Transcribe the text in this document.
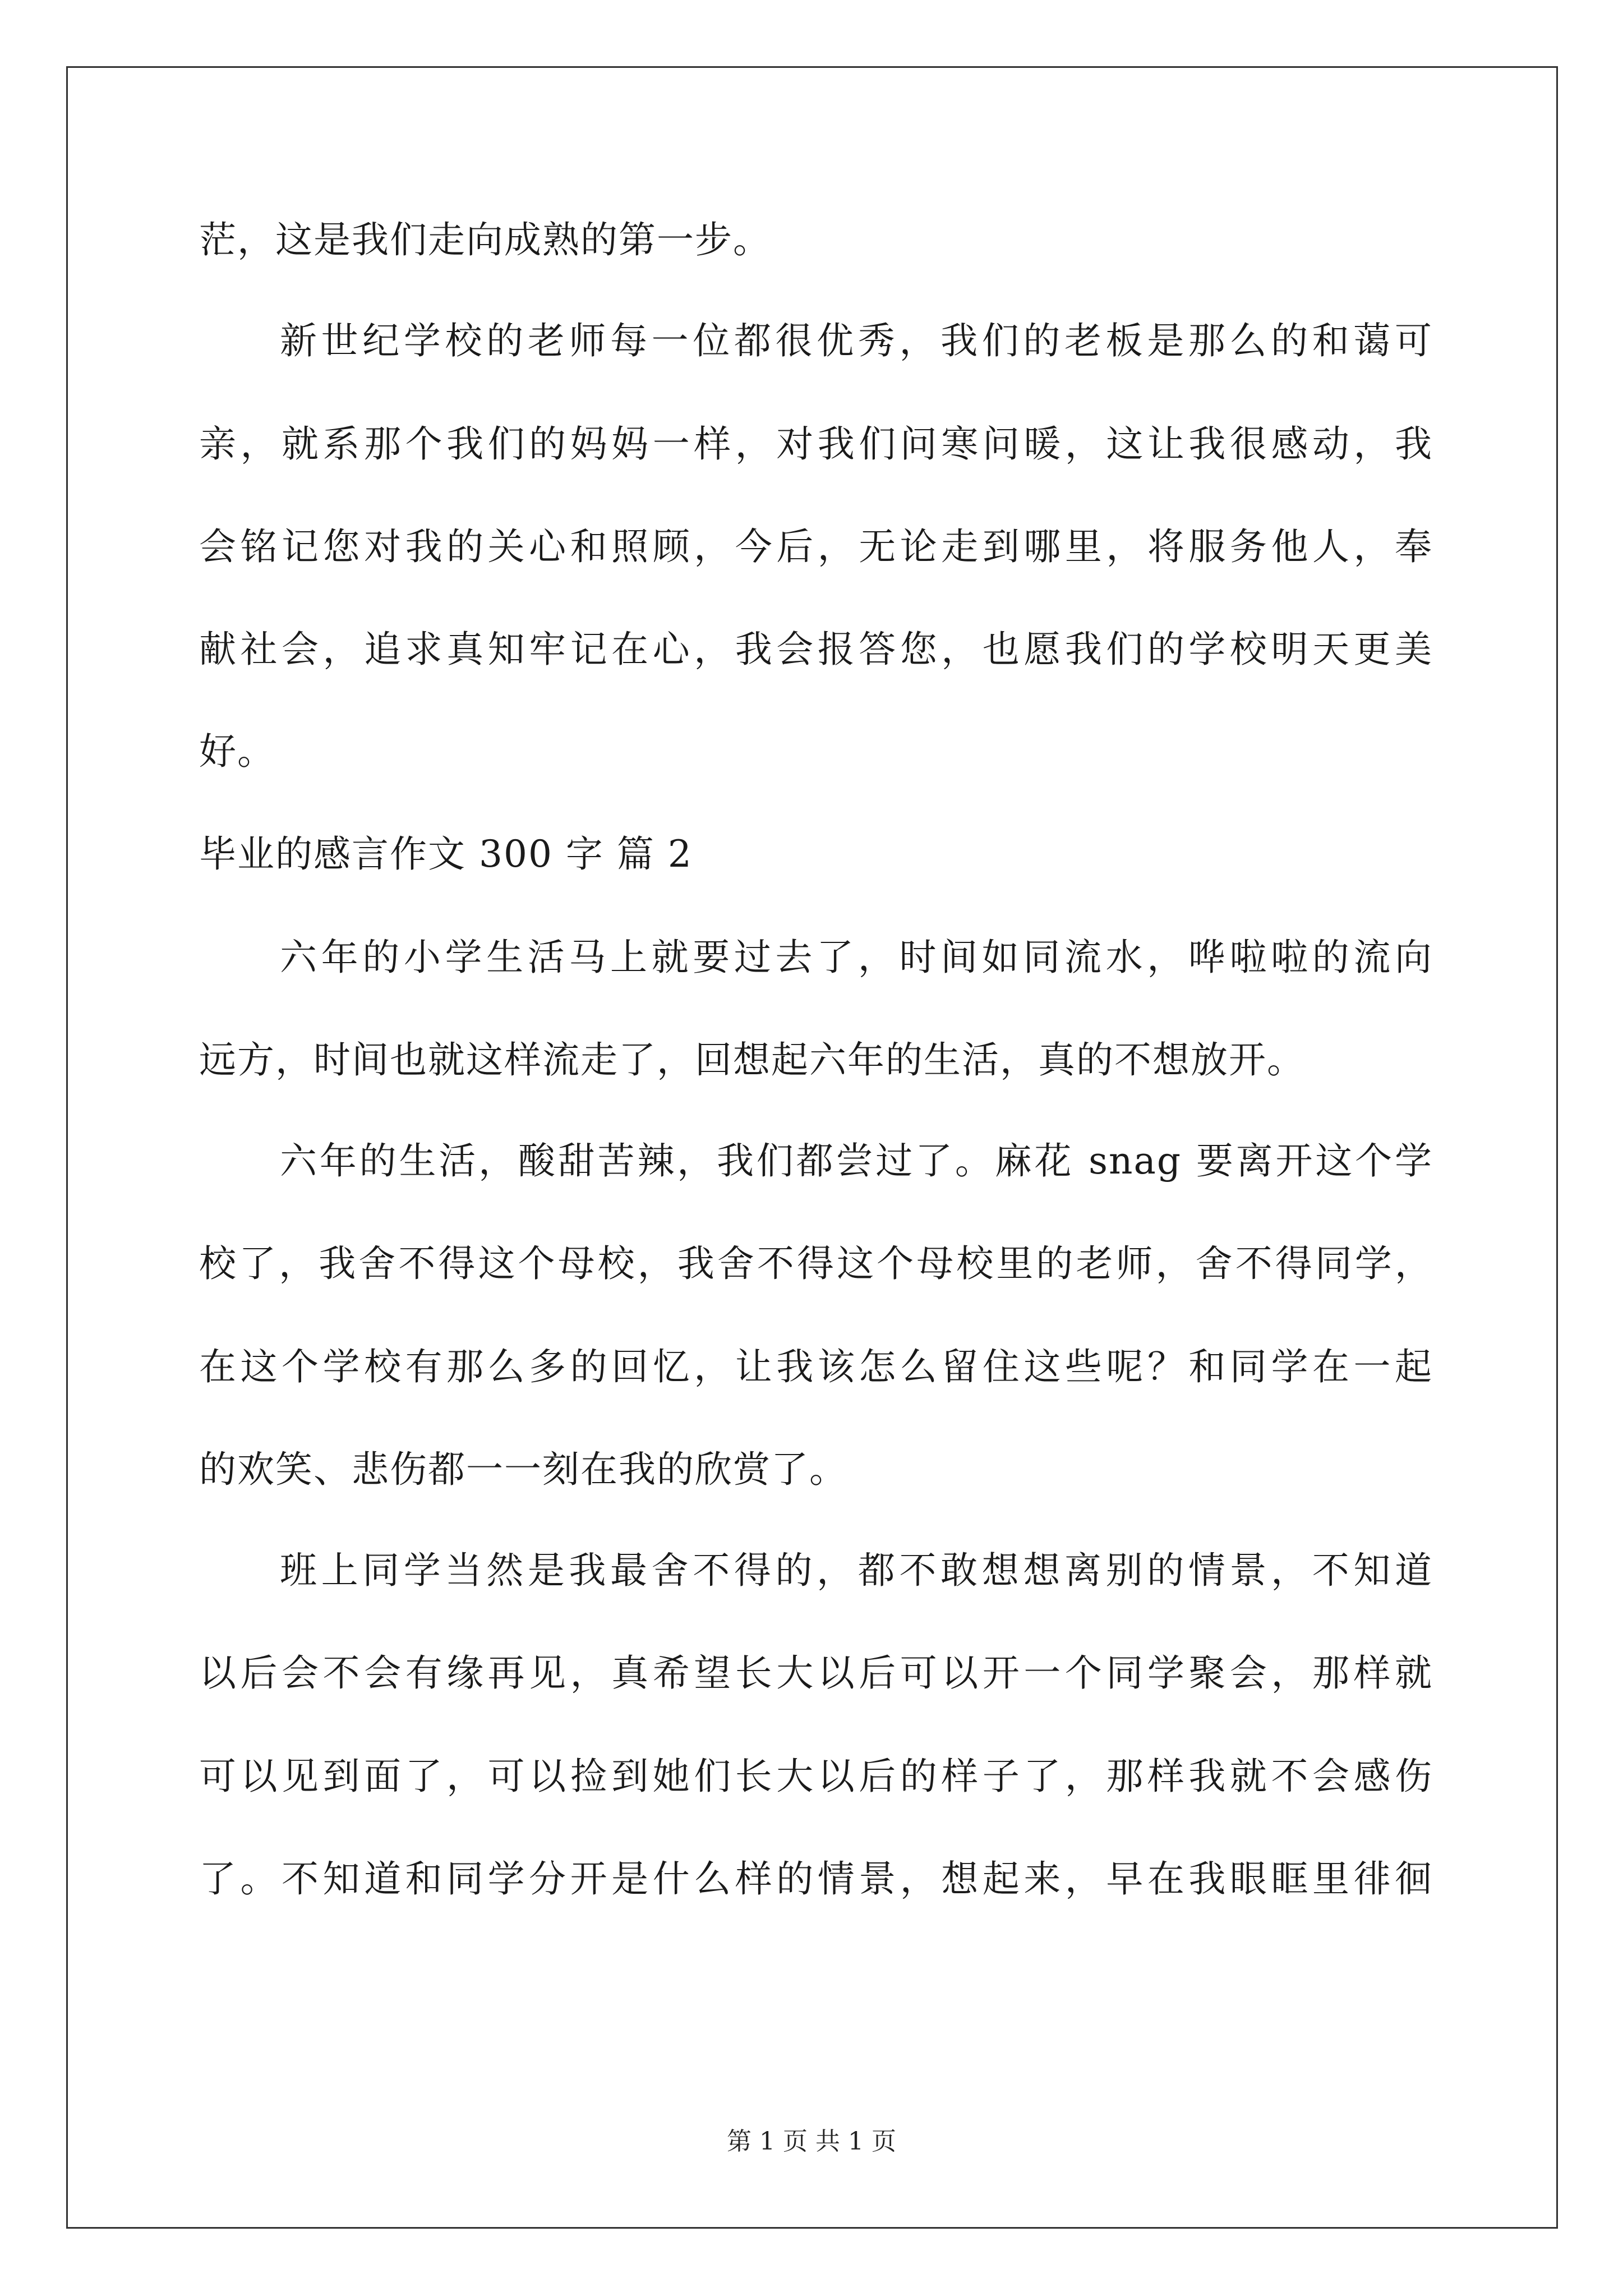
茫，这是我们走向成熟的第一步。
新世纪学校的老师每一位都很优秀，我们的老板是那么的和蔼可
亲，就系那个我们的妈妈一样，对我们问寒问暖，这让我很感动，我
会铭记您对我的关心和照顾，今后，无论走到哪里，将服务他人，奉
献社会，追求真知牢记在心，我会报答您，也愿我们的学校明天更美
好。
毕业的感言作文 300 字 篇 2
六年的小学生活马上就要过去了，时间如同流水，哗啦啦的流向
远方，时间也就这样流走了，回想起六年的生活，真的不想放开。
六年的生活，酸甜苦辣，我们都尝过了。麻花 snag 要离开这个学
校了，我舍不得这个母校，我舍不得这个母校里的老师，舍不得同学，
在这个学校有那么多的回忆，让我该怎么留住这些呢？和同学在一起
的欢笑、悲伤都一一刻在我的欣赏了。
班上同学当然是我最舍不得的，都不敢想想离别的情景，不知道
以后会不会有缘再见，真希望长大以后可以开一个同学聚会，那样就
可以见到面了，可以捡到她们长大以后的样子了，那样我就不会感伤
了。不知道和同学分开是什么样的情景，想起来，早在我眼眶里徘徊
第 1 页 共 1 页
